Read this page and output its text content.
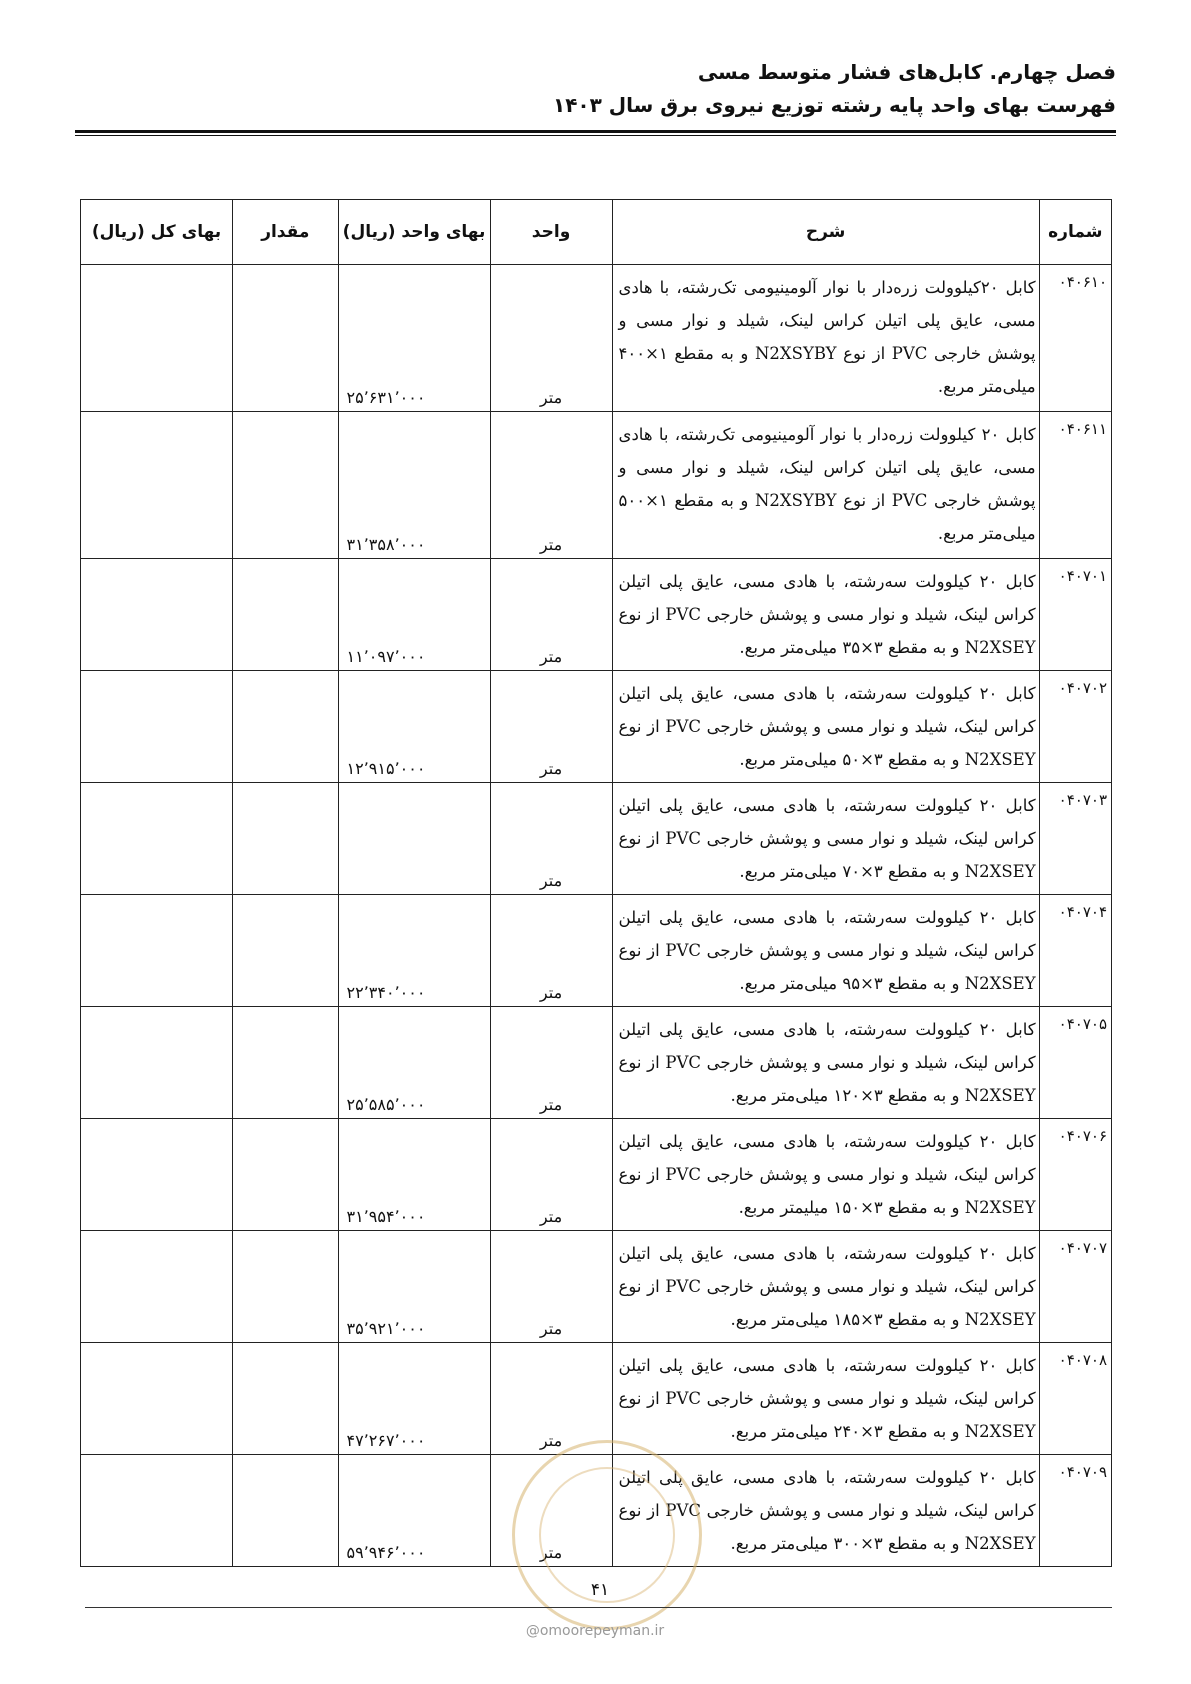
فصل چهارم. کابل‌های فشار متوسط مسی
فهرست بهای واحد پایه رشته توزیع نیروی برق سال ۱۴۰۳
شماره	شرح	واحد	بهای واحد (ریال)	مقدار	بهای کل (ریال)
۰۴۰۶۱۰	کابل ۲۰کیلوولت زره‌دار با نوار آلومینیومی تک‌رشته، با هادی مسی، عایق پلی اتیلن کراس لینک، شیلد و نوار مسی و پوشش خارجی PVC از نوع N2XSYBY و به مقطع ۱×۴۰۰ میلی‌متر مربع.	متر	۲۵٬۶۳۱٬۰۰۰		
۰۴۰۶۱۱	کابل ۲۰ کیلوولت زره‌دار با نوار آلومینیومی تک‌رشته، با هادی مسی، عایق پلی اتیلن کراس لینک، شیلد و نوار مسی و پوشش خارجی PVC از نوع N2XSYBY و به مقطع ۱×۵۰۰ میلی‌متر مربع.	متر	۳۱٬۳۵۸٬۰۰۰		
۰۴۰۷۰۱	کابل ۲۰ کیلوولت سه‌رشته، با هادی مسی، عایق پلی اتیلن کراس لینک، شیلد و نوار مسی و پوشش خارجی PVC از نوع N2XSEY و به مقطع ۳×۳۵ میلی‌متر مربع.	متر	۱۱٬۰۹۷٬۰۰۰		
۰۴۰۷۰۲	کابل ۲۰ کیلوولت سه‌رشته، با هادی مسی، عایق پلی اتیلن کراس لینک، شیلد و نوار مسی و پوشش خارجی PVC از نوع N2XSEY و به مقطع ۳×۵۰ میلی‌متر مربع.	متر	۱۲٬۹۱۵٬۰۰۰		
۰۴۰۷۰۳	کابل ۲۰ کیلوولت سه‌رشته، با هادی مسی، عایق پلی اتیلن کراس لینک، شیلد و نوار مسی و پوشش خارجی PVC از نوع N2XSEY و به مقطع ۳×۷۰ میلی‌متر مربع.	متر			
۰۴۰۷۰۴	کابل ۲۰ کیلوولت سه‌رشته، با هادی مسی، عایق پلی اتیلن کراس لینک، شیلد و نوار مسی و پوشش خارجی PVC از نوع N2XSEY و به مقطع ۳×۹۵ میلی‌متر مربع.	متر	۲۲٬۳۴۰٬۰۰۰		
۰۴۰۷۰۵	کابل ۲۰ کیلوولت سه‌رشته، با هادی مسی، عایق پلی اتیلن کراس لینک، شیلد و نوار مسی و پوشش خارجی PVC از نوع N2XSEY و به مقطع ۳×۱۲۰ میلی‌متر مربع.	متر	۲۵٬۵۸۵٬۰۰۰		
۰۴۰۷۰۶	کابل ۲۰ کیلوولت سه‌رشته، با هادی مسی، عایق پلی اتیلن کراس لینک، شیلد و نوار مسی و پوشش خارجی PVC از نوع N2XSEY و به مقطع ۳×۱۵۰ میلیمتر مربع.	متر	۳۱٬۹۵۴٬۰۰۰		
۰۴۰۷۰۷	کابل ۲۰ کیلوولت سه‌رشته، با هادی مسی، عایق پلی اتیلن کراس لینک، شیلد و نوار مسی و پوشش خارجی PVC از نوع N2XSEY و به مقطع ۳×۱۸۵ میلی‌متر مربع.	متر	۳۵٬۹۲۱٬۰۰۰		
۰۴۰۷۰۸	کابل ۲۰ کیلوولت سه‌رشته، با هادی مسی، عایق پلی اتیلن کراس لینک، شیلد و نوار مسی و پوشش خارجی PVC از نوع N2XSEY و به مقطع ۳×۲۴۰ میلی‌متر مربع.	متر	۴۷٬۲۶۷٬۰۰۰		
۰۴۰۷۰۹	کابل ۲۰ کیلوولت سه‌رشته، با هادی مسی، عایق پلی اتیلن کراس لینک، شیلد و نوار مسی و پوشش خارجی PVC از نوع N2XSEY و به مقطع ۳×۳۰۰ میلی‌متر مربع.	متر	۵۹٬۹۴۶٬۰۰۰		
۴۱
@omoorepeyman.ir
